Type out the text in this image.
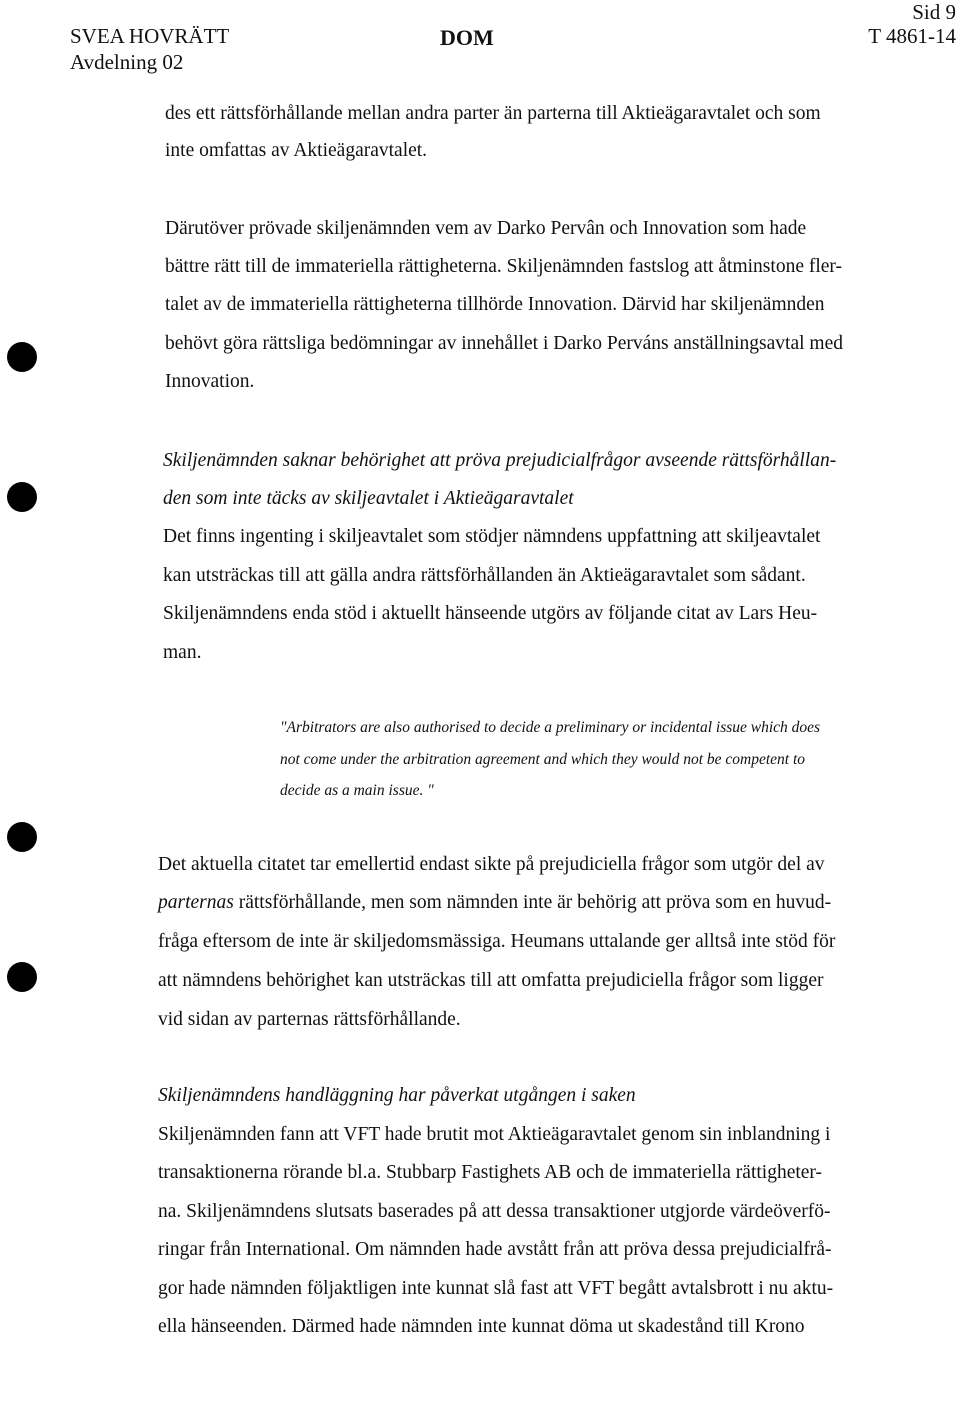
SVEA HOVRÄTT
Avdelning 02
DOM
Sid 9
T 4861-14
des ett rättsförhållande mellan andra parter än parterna till Aktieägaravtalet och som
inte omfattas av Aktieägaravtalet.
Därutöver prövade skiljenämnden vem av Darko Pervân och Innovation som hade
bättre rätt till de immateriella rättigheterna. Skiljenämnden fastslog att åtminstone fler-
talet av de immateriella rättigheterna tillhörde Innovation. Därvid har skiljenämnden
behövt göra rättsliga bedömningar av innehållet i Darko Perváns anställningsavtal med
Innovation.
Skiljenämnden saknar behörighet att pröva prejudicialfrågor avseende rättsförhållan-
den som inte täcks av skiljeavtalet i Aktieägaravtalet
Det finns ingenting i skiljeavtalet som stödjer nämndens uppfattning att skiljeavtalet
kan utsträckas till att gälla andra rättsförhållanden än Aktieägaravtalet som sådant.
Skiljenämndens enda stöd i aktuellt hänseende utgörs av följande citat av Lars Heu-
man.
"Arbitrators are also authorised to decide a preliminary or incidental issue which does
not come under the arbitration agreement and which they would not be competent to
decide as a main issue. "
Det aktuella citatet tar emellertid endast sikte på prejudiciella frågor som utgör del av
parternas rättsförhållande, men som nämnden inte är behörig att pröva som en huvud-
fråga eftersom de inte är skiljedomsmässiga. Heumans uttalande ger alltså inte stöd för
att nämndens behörighet kan utsträckas till att omfatta prejudiciella frågor som ligger
vid sidan av parternas rättsförhållande.
Skiljenämndens handläggning har påverkat utgången i saken
Skiljenämnden fann att VFT hade brutit mot Aktieägaravtalet genom sin inblandning i
transaktionerna rörande bl.a. Stubbarp Fastighets AB och de immateriella rättigheter-
na. Skiljenämndens slutsats baserades på att dessa transaktioner utgjorde värdeöverfö-
ringar från International. Om nämnden hade avstått från att pröva dessa prejudicialfrå-
gor hade nämnden följaktligen inte kunnat slå fast att VFT begått avtalsbrott i nu aktu-
ella hänseenden. Därmed hade nämnden inte kunnat döma ut skadestånd till Krono
